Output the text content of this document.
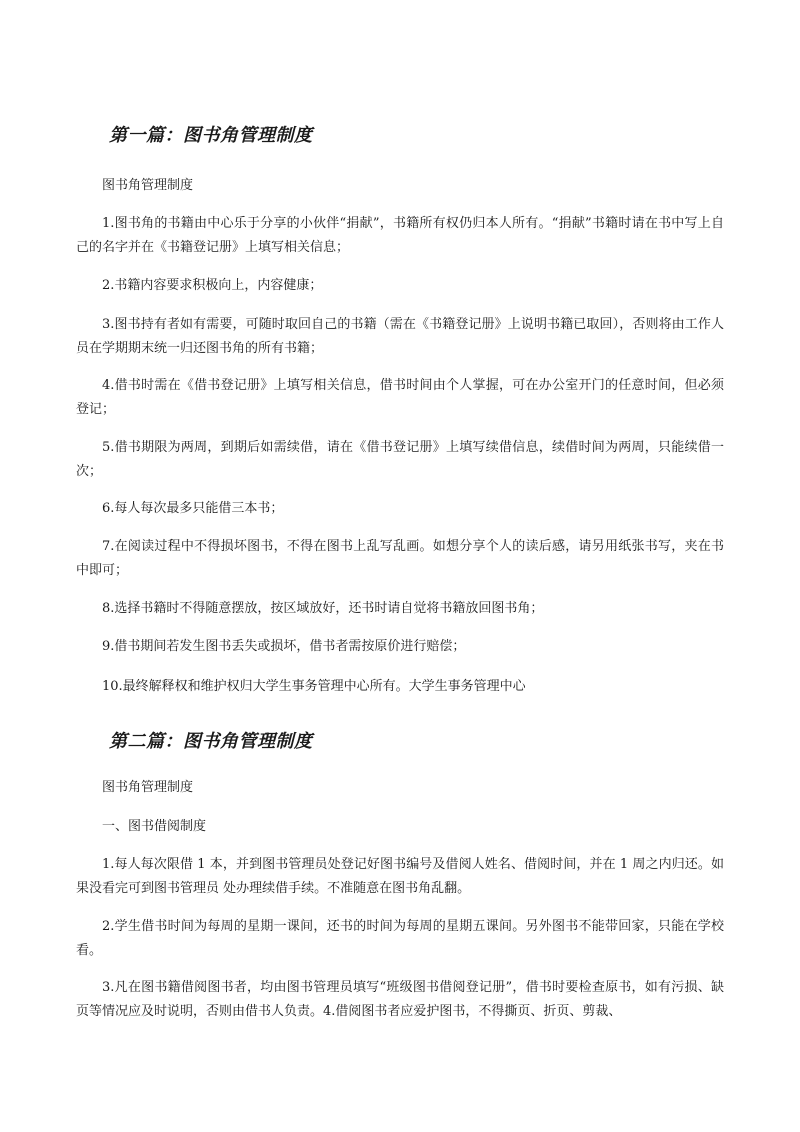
第一篇：图书角管理制度

图书角管理制度

1.图书角的书籍由中心乐于分享的小伙伴“捐献”，书籍所有权仍归本人所有。“捐献”书籍时请在书中写上自己的名字并在《书籍登记册》上填写相关信息；

2.书籍内容要求积极向上，内容健康；

3.图书持有者如有需要，可随时取回自己的书籍（需在《书籍登记册》上说明书籍已取回），否则将由工作人员在学期期末统一归还图书角的所有书籍；

4.借书时需在《借书登记册》上填写相关信息，借书时间由个人掌握，可在办公室开门的任意时间，但必须登记；

5.借书期限为两周，到期后如需续借，请在《借书登记册》上填写续借信息，续借时间为两周，只能续借一次；

6.每人每次最多只能借三本书；

7.在阅读过程中不得损坏图书，不得在图书上乱写乱画。如想分享个人的读后感，请另用纸张书写，夹在书中即可；

8.选择书籍时不得随意摆放，按区域放好，还书时请自觉将书籍放回图书角；

9.借书期间若发生图书丢失或损坏，借书者需按原价进行赔偿；

10.最终解释权和维护权归大学生事务管理中心所有。大学生事务管理中心

第二篇：图书角管理制度

图书角管理制度

一、图书借阅制度

1.每人每次限借 1 本，并到图书管理员处登记好图书编号及借阅人姓名、借阅时间，并在 1 周之内归还。如果没看完可到图书管理员 处办理续借手续。不准随意在图书角乱翻。

2.学生借书时间为每周的星期一课间，还书的时间为每周的星期五课间。另外图书不能带回家，只能在学校看。

3.凡在图书籍借阅图书者，均由图书管理员填写“班级图书借阅登记册”，借书时要检查原书，如有污损、缺页等情况应及时说明，否则由借书人负责。4.借阅图书者应爱护图书，不得撕页、折页、剪裁、
